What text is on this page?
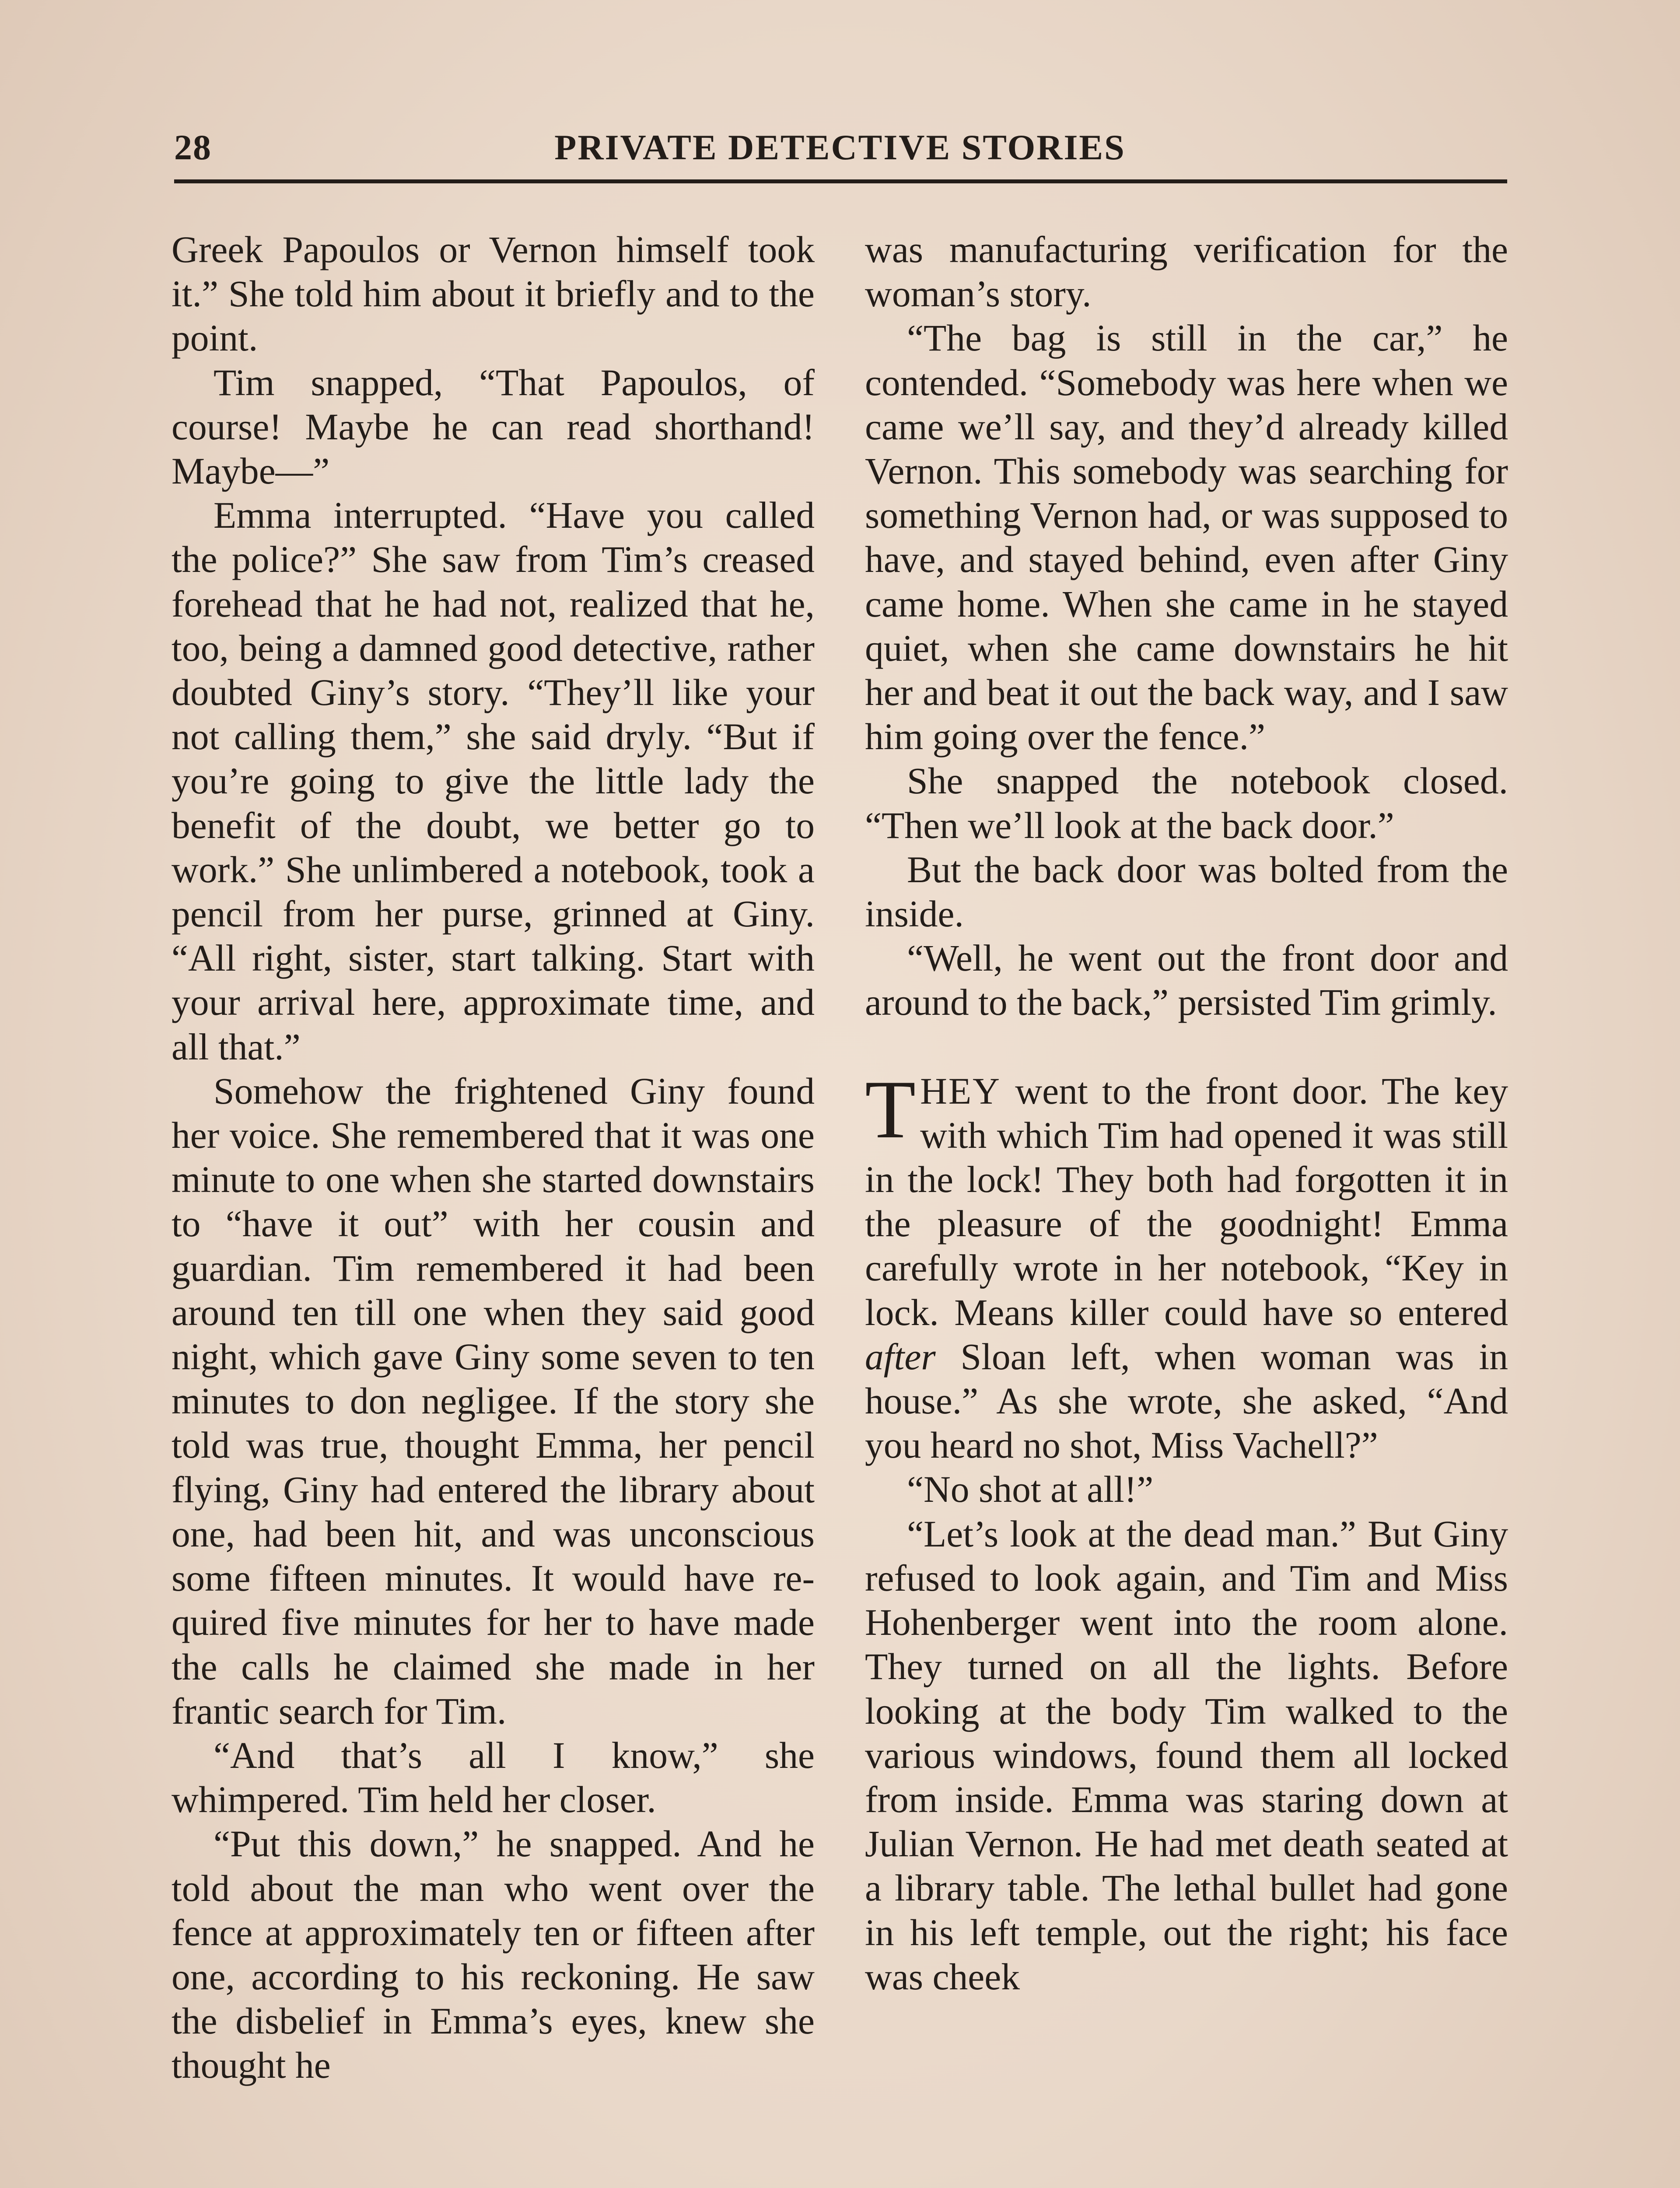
28	PRIVATE DETECTIVE STORIES

Greek Papoulos or Vernon himself took it.” She told him about it briefly and to the point.

Tim snapped, “That Papoulos, of course! Maybe he can read shorthand! Maybe—”

Emma interrupted. “Have you called the police?” She saw from Tim’s creased forehead that he had not, realized that he, too, being a damned good detective, rather doubted Giny’s story. “They’ll like your not calling them,” she said dryly. “But if you’re going to give the little lady the benefit of the doubt, we better go to work.” She unlimbered a notebook, took a pencil from her purse, grinned at Giny. “All right, sister, start talking. Start with your arrival here, approximate time, and all that.”

Somehow the frightened Giny found her voice. She remembered that it was one minute to one when she started downstairs to “have it out” with her cousin and guardian. Tim remembered it had been around ten till one when they said good night, which gave Giny some seven to ten minutes to don negligee. If the story she told was true, thought Emma, her pencil flying, Giny had entered the library about one, had been hit, and was unconscious some fifteen minutes. It would have required five minutes for her to have made the calls he claimed she made in her frantic search for Tim.

“And that’s all I know,” she whimpered. Tim held her closer.

“Put this down,” he snapped. And he told about the man who went over the fence at approximately ten or fifteen after one, according to his reckoning. He saw the disbelief in Emma’s eyes, knew she thought he

was manufacturing verification for the woman’s story.

“The bag is still in the car,” he contended. “Somebody was here when we came we’ll say, and they’d already killed Vernon. This somebody was searching for something Vernon had, or was supposed to have, and stayed behind, even after Giny came home. When she came in he stayed quiet, when she came downstairs he hit her and beat it out the back way, and I saw him going over the fence.”

She snapped the notebook closed. “Then we’ll look at the back door.”

But the back door was bolted from the inside.

“Well, he went out the front door and around to the back,” persisted Tim grimly.

THEY went to the front door. The key with which Tim had opened it was still in the lock! They both had forgotten it in the pleasure of the goodnight! Emma carefully wrote in her notebook, “Key in lock. Means killer could have so entered after Sloan left, when woman was in house.” As she wrote, she asked, “And you heard no shot, Miss Vachell?”

“No shot at all!”

“Let’s look at the dead man.” But Giny refused to look again, and Tim and Miss Hohenberger went into the room alone. They turned on all the lights. Before looking at the body Tim walked to the various windows, found them all locked from inside. Emma was staring down at Julian Vernon. He had met death seated at a library table. The lethal bullet had gone in his left temple, out the right; his face was cheek
